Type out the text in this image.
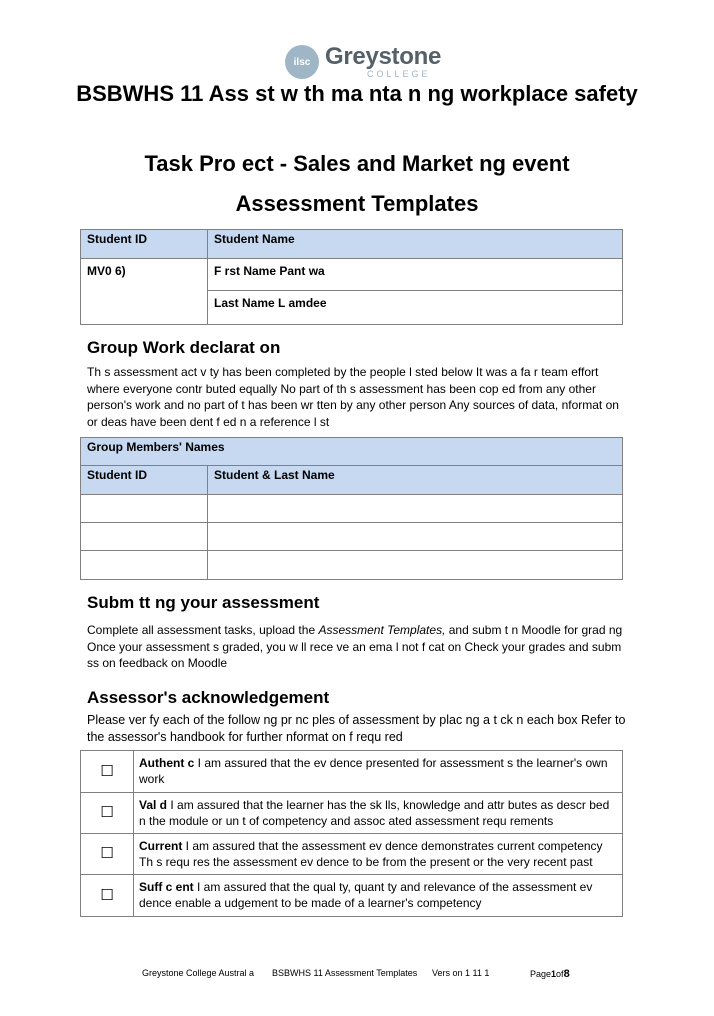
ilsc Greystone
COLLEGE
BSBWHS 11 Ass st w th ma nta n ng workplace safety
Task Pro ect - Sales and Market ng event
Assessment Templates
Student ID	Student Name
MV0 6)	F rst Name Pant wa
	Last Name L amdee
Group Work declarat on
Th s assessment act v ty has been completed by the people l sted below It was a fa r team effort where everyone contr buted equally No part of th s assessment has been cop ed from any other person's work and no part of t has been wr tten by any other person Any sources of data, nformat on or deas have been dent f ed n a reference l st
Group Members' Names	
Student ID	Student & Last Name

Subm tt ng your assessment
Complete all assessment tasks, upload the Assessment Templates, and subm t n Moodle for grad ng Once your assessment s graded, you w ll rece ve an ema l not f cat on Check your grades and subm ss on feedback on Moodle
Assessor's acknowledgement
Please ver fy each of the follow ng pr nc ples of assessment by plac ng a t ck n each box Refer to the assessor's handbook for further nformat on f requ red
☐	Authent c I am assured that the ev dence presented for assessment s the learner's own work
☐	Val d I am assured that the learner has the sk lls, knowledge and attr butes as descr bed n the module or un t of competency and assoc ated assessment requ rements
☐	Current I am assured that the assessment ev dence demonstrates current competency Th s requ res the assessment ev dence to be from the present or the very recent past
☐	Suff c ent I am assured that the qual ty, quant ty and relevance of the assessment ev dence enable a udgement to be made of a learner's competency
Greystone College Austral a	BSBWHS 11 Assessment Templates	Vers on 1 11 1	Page1of8
